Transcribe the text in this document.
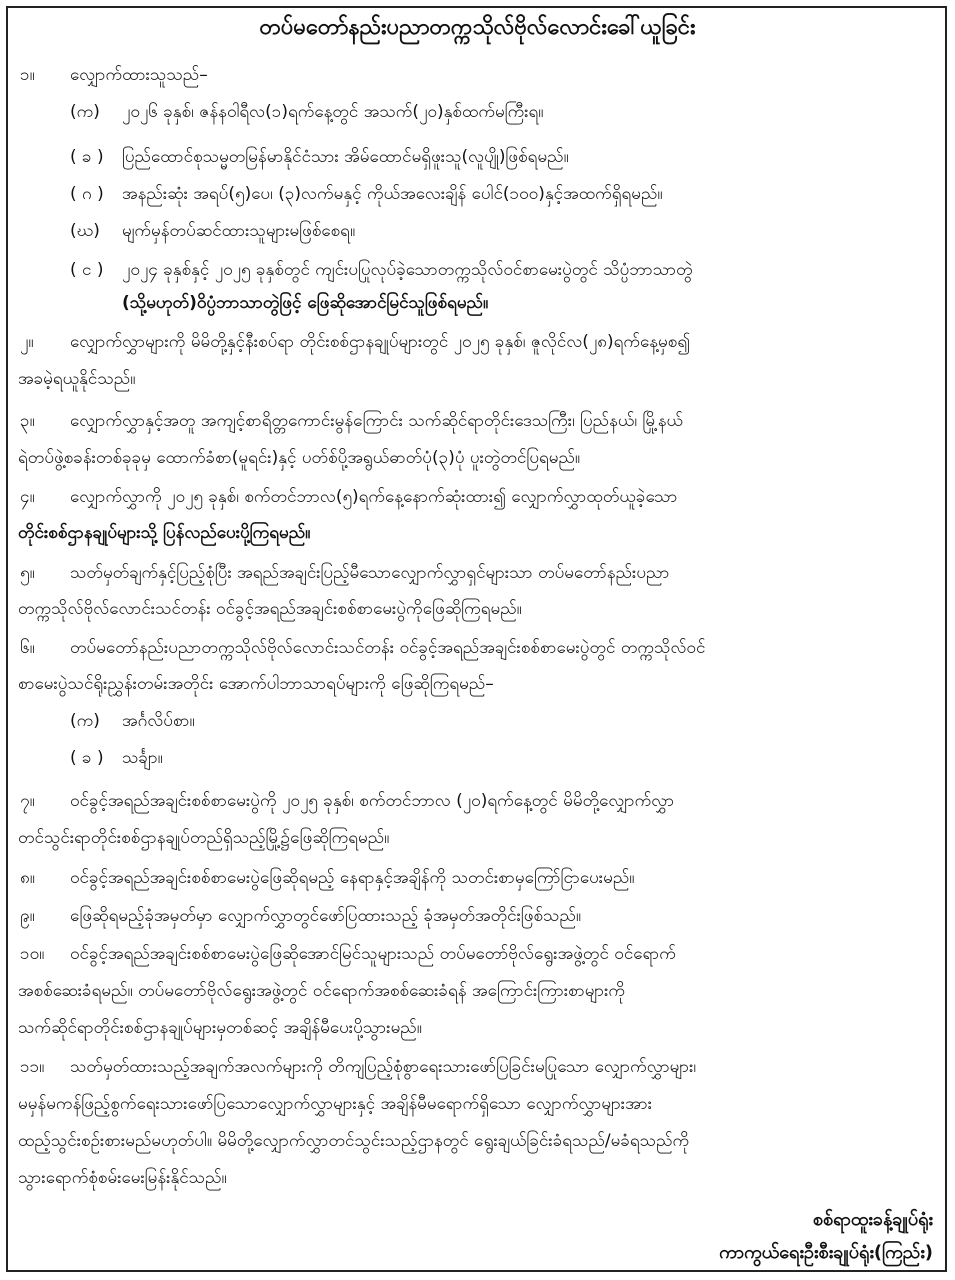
တပ်မတော်နည်းပညာတက္ကသိုလ်ဗိုလ်လောင်းခေါ်ယူခြင်း
၁။	လျှောက်ထားသူသည်–
(က) ၂၀၂၆ ခုနှစ်၊ ဇန်နဝါရီလ(၁)ရက်နေ့တွင် အသက်(၂၀)နှစ်ထက်မကြီးရ။
( ခ ) ပြည်ထောင်စုသမ္မတမြန်မာနိုင်ငံသား အိမ်ထောင်မရှိဖူးသူ(လူပျို)ဖြစ်ရမည်။
( ဂ ) အနည်းဆုံး အရပ်(၅)ပေ၊ (၃)လက်မနှင့် ကိုယ်အလေးချိန် ပေါင်(၁၀၀)နှင့်အထက်ရှိရမည်။
(ဃ) မျက်မှန်တပ်ဆင်ထားသူများမဖြစ်စေရ။
( င ) ၂၀၂၄ ခုနှစ်နှင့် ၂၀၂၅ ခုနှစ်တွင် ကျင်းပပြုလုပ်ခဲ့သောတက္ကသိုလ်ဝင်စာမေးပွဲတွင် သိပ္ပံဘာသာတွဲ
(သို့မဟုတ်)ဝိပ္ပံဘာသာတွဲဖြင့် ဖြေဆိုအောင်မြင်သူဖြစ်ရမည်။
၂။	လျှောက်လွှာများကို မိမိတို့နှင့်နီးစပ်ရာ တိုင်းစစ်ဌာနချုပ်များတွင် ၂၀၂၅ ခုနှစ်၊ ဇူလိုင်လ(၂၈)ရက်နေ့မှစ၍
အခမဲ့ရယူနိုင်သည်။
၃။	လျှောက်လွှာနှင့်အတူ အကျင့်စာရိတ္တကောင်းမွန်ကြောင်း သက်ဆိုင်ရာတိုင်းဒေသကြီး၊ ပြည်နယ်၊ မြို့နယ်
ရဲတပ်ဖွဲ့စခန်းတစ်ခုခုမှ ထောက်ခံစာ(မူရင်း)နှင့် ပတ်စ်ပို့အရွယ်ဓာတ်ပုံ(၃)ပုံ ပူးတွဲတင်ပြရမည်။
၄။	လျှောက်လွှာကို ၂၀၂၅ ခုနှစ်၊ စက်တင်ဘာလ(၅)ရက်နေ့နောက်ဆုံးထား၍ လျှောက်လွှာထုတ်ယူခဲ့သော
တိုင်းစစ်ဌာနချုပ်များသို့ ပြန်လည်ပေးပို့ကြရမည်။
၅။	သတ်မှတ်ချက်နှင့်ပြည့်စုံပြီး အရည်အချင်းပြည့်မီသောလျှောက်လွှာရှင်များသာ တပ်မတော်နည်းပညာ
တက္ကသိုလ်ဗိုလ်လောင်းသင်တန်း ဝင်ခွင့်အရည်အချင်းစစ်စာမေးပွဲကိုဖြေဆိုကြရမည်။
၆။	တပ်မတော်နည်းပညာတက္ကသိုလ်ဗိုလ်လောင်းသင်တန်း ဝင်ခွင့်အရည်အချင်းစစ်စာမေးပွဲတွင် တက္ကသိုလ်ဝင်
စာမေးပွဲသင်ရိုးညွှန်းတမ်းအတိုင်း အောက်ပါဘာသာရပ်များကို ဖြေဆိုကြရမည်–
(က) အင်္ဂလိပ်စာ။
( ခ ) သင်္ချာ။
၇။	ဝင်ခွင့်အရည်အချင်းစစ်စာမေးပွဲကို ၂၀၂၅ ခုနှစ်၊ စက်တင်ဘာလ (၂၀)ရက်နေ့တွင် မိမိတို့လျှောက်လွှာ
တင်သွင်းရာတိုင်းစစ်ဌာနချုပ်တည်ရှိသည့်မြို့၌ဖြေဆိုကြရမည်။
၈။	ဝင်ခွင့်အရည်အချင်းစစ်စာမေးပွဲဖြေဆိုရမည့် နေရာနှင့်အချိန်ကို သတင်းစာမှကြော်ငြာပေးမည်။
၉။	ဖြေဆိုရမည့်ခုံအမှတ်မှာ လျှောက်လွှာတွင်ဖော်ပြထားသည့် ခုံအမှတ်အတိုင်းဖြစ်သည်။
၁၀။	ဝင်ခွင့်အရည်အချင်းစစ်စာမေးပွဲဖြေဆိုအောင်မြင်သူများသည် တပ်မတော်ဗိုလ်ရွေးအဖွဲ့တွင် ဝင်ရောက်
အစစ်ဆေးခံရမည်။ တပ်မတော်ဗိုလ်ရွေးအဖွဲ့တွင် ဝင်ရောက်အစစ်ဆေးခံရန် အကြောင်းကြားစာများကို
သက်ဆိုင်ရာတိုင်းစစ်ဌာနချုပ်များမှတစ်ဆင့် အချိန်မီပေးပို့သွားမည်။
၁၁။	သတ်မှတ်ထားသည့်အချက်အလက်များကို တိကျပြည့်စုံစွာရေးသားဖော်ပြခြင်းမပြုသော လျှောက်လွှာများ၊
မမှန်မကန်ဖြည့်စွက်ရေးသားဖော်ပြသောလျှောက်လွှာများနှင့် အချိန်မီမရောက်ရှိသော လျှောက်လွှာများအား
ထည့်သွင်းစဉ်းစားမည်မဟုတ်ပါ။ မိမိတို့လျှောက်လွှာတင်သွင်းသည့်ဌာနတွင် ရွေးချယ်ခြင်းခံရသည်/မခံရသည်ကို
သွားရောက်စုံစမ်းမေးမြန်းနိုင်သည်။
စစ်ရာထူးခန့်ချုပ်ရုံး
ကာကွယ်ရေးဦးစီးချုပ်ရုံး(ကြည်း)
